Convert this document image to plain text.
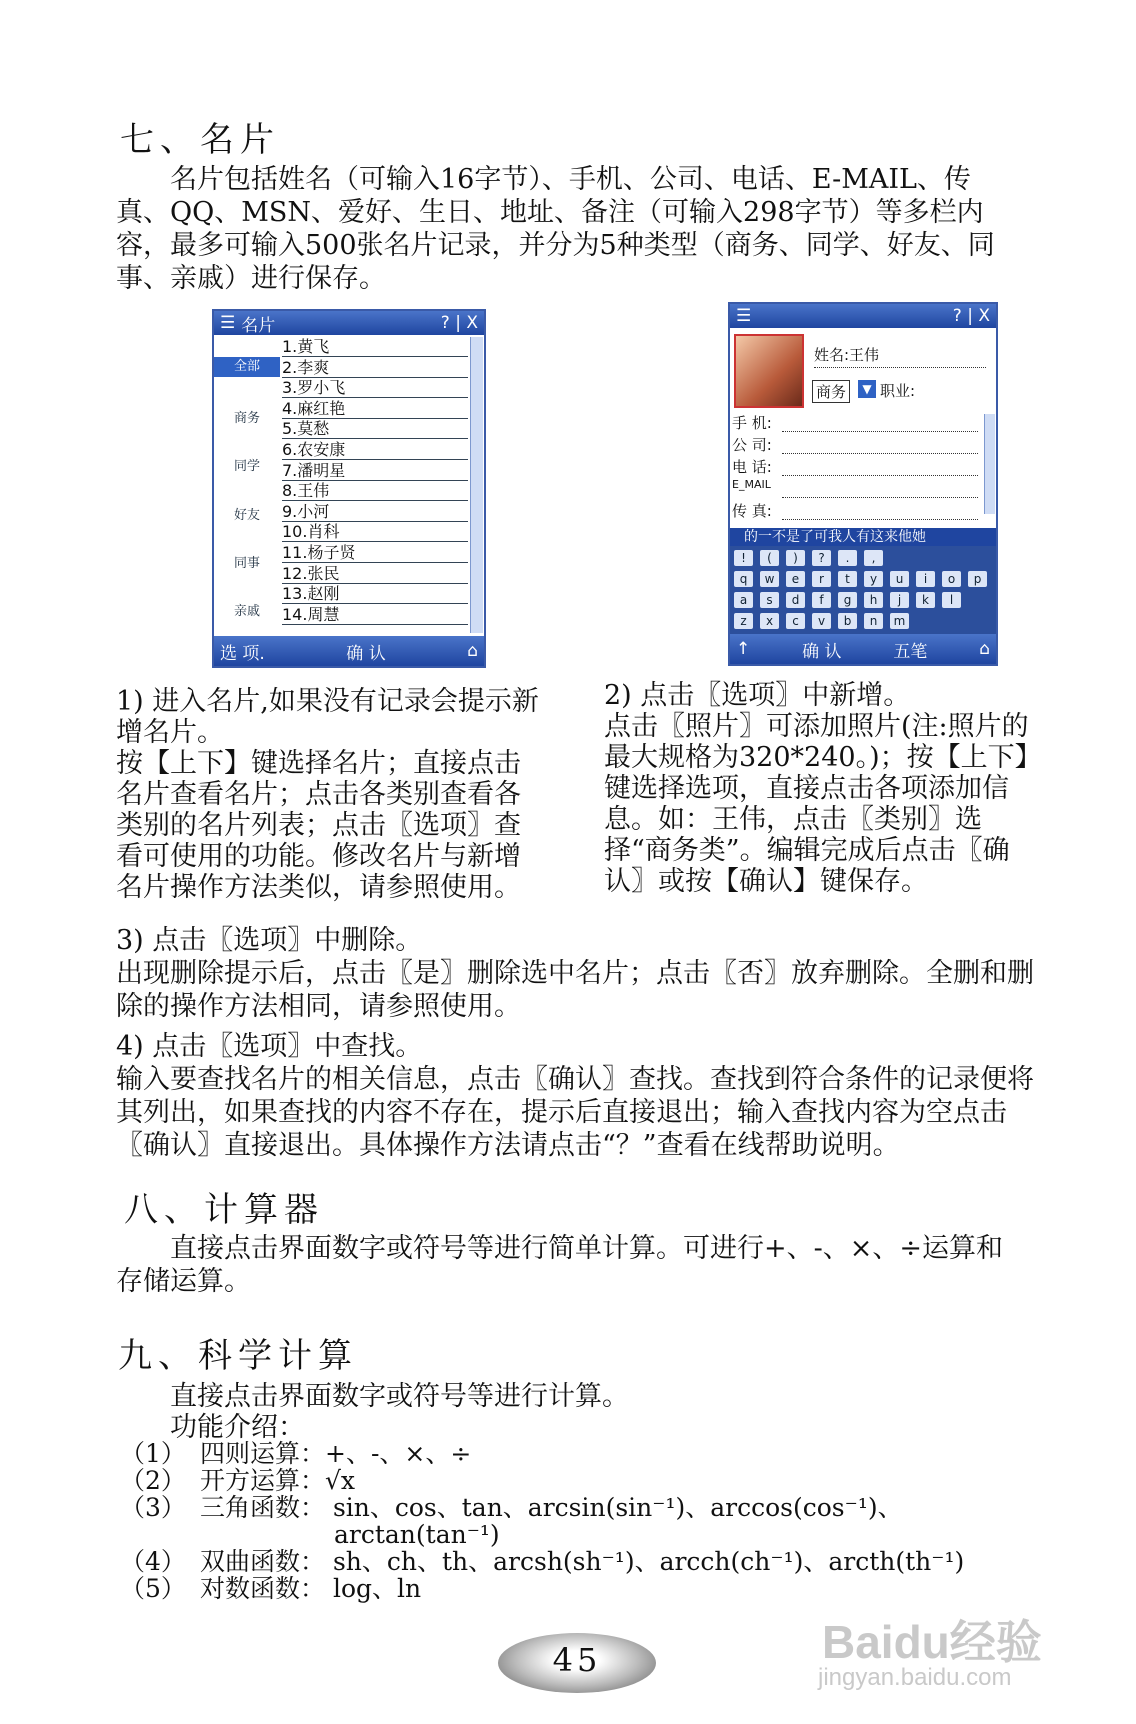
七、名片
名片包括姓名（可输入16字节）、手机、公司、电话、E-MAIL、传真、QQ、MSN、爱好、生日、地址、备注（可输入298字节）等多栏内容，最多可输入500张名片记录，并分为5种类型（商务、同学、好友、同事、亲戚）进行保存。
☰ 名片	? | X
全部
商务
同学
好友
同事
亲戚
1.黄飞
2.李爽
3.罗小飞
4.麻红艳
5.莫愁
6.农安康
7.潘明星
8.王伟
9.小河
10.肖科
11.杨子贤
12.张民
13.赵刚
14.周慧
选 项.	确 认	⌂
☰	? | X
姓名:王伟
商务	▼ 职业:
手 机:
公 司:
电 话:
E_MAIL
传 真:
的一不是了可我人有这来他她
!	(	)	?	.	,
q	w	e	r	t	y	u	i	o	p
a	s	d	f	g	h	j	k	l
z	x	c	v	b	n	m
↑	确 认	五笔	⌂
1) 进入名片,如果没有记录会提示新增名片。
按【上下】键选择名片；直接点击名片查看名片；点击各类别查看各类别的名片列表；点击〖选项〗查看可使用的功能。修改名片与新增名片操作方法类似，请参照使用。
2) 点击〖选项〗中新增。
点击〖照片〗可添加照片(注:照片的最大规格为320*240。)；按【上下】键选择选项，直接点击各项添加信息。如：王伟，点击〖类别〗选择“商务类”。编辑完成后点击〖确认〗或按【确认】键保存。
3) 点击〖选项〗中删除。
出现删除提示后，点击〖是〗删除选中名片；点击〖否〗放弃删除。全删和删除的操作方法相同，请参照使用。
4) 点击〖选项〗中查找。
输入要查找名片的相关信息，点击〖确认〗查找。查找到符合条件的记录便将其列出，如果查找的内容不存在，提示后直接退出；输入查找内容为空点击〖确认〗直接退出。具体操作方法请点击“？”查看在线帮助说明。
八、计算器
直接点击界面数字或符号等进行简单计算。可进行+、-、×、÷运算和存储运算。
九、科学计算
直接点击界面数字或符号等进行计算。
功能介绍：
（1） 四则运算：+、-、×、÷
（2） 开方运算：√x
（3） 三角函数： sin、cos、tan、arcsin(sin⁻¹)、arccos(cos⁻¹)、
arctan(tan⁻¹)
（4） 双曲函数： sh、ch、th、arcsh(sh⁻¹)、arcch(ch⁻¹)、arcth(th⁻¹)
（5） 对数函数： log、ln
45	Baidu经验
jingyan.baidu.com
